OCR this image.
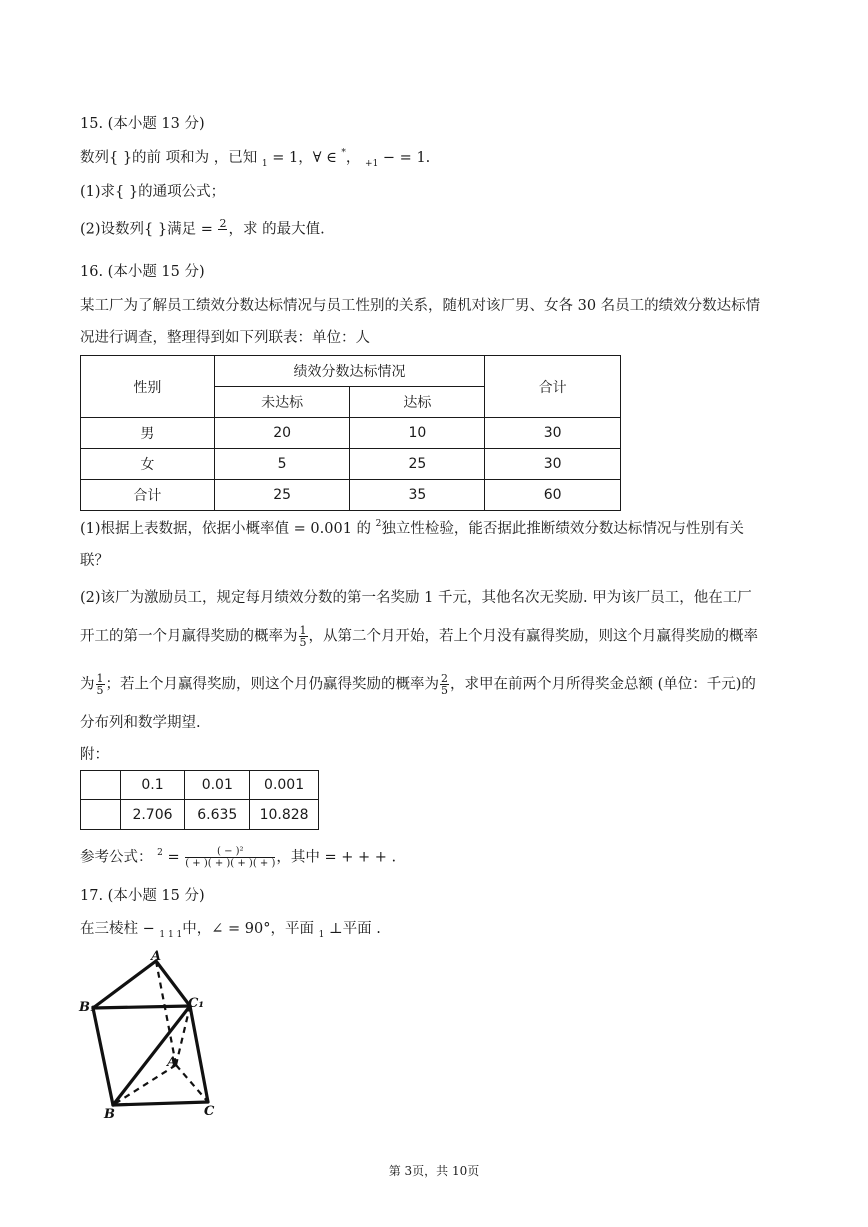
15. (本小题 13 分)
数列{ }的前 项和为 ，已知 $_1$ = 1，∀ ∈ *， $_{+1}$ − = 1.
(1)求{ }的通项公式；
(2)设数列{ }满足 = 2
，求 的最大值.
16. (本小题 15 分)
某工厂为了解员工绩效分数达标情况与员工性别的关系，随机对该厂男、女各 30 名员工的绩效分数达标情
况进行调查，整理得到如下列联表：单位：人
性别	绩效分数达标情况		合计
	未达标	达标	
男	20	10	30
女	5	25	30
合计	25	35	60
(1)根据上表数据，依据小概率值 = 0.001 的 $^2$独立性检验，能否据此推断绩效分数达标情况与性别有关
联？
(2)该厂为激励员工，规定每月绩效分数的第一名奖励 1 千元，其他名次无奖励. 甲为该厂员工，他在工厂
开工的第一个月赢得奖励的概率为 $\frac{1}{5}$ ，从第二个月开始，若上个月没有赢得奖励，则这个月赢得奖励的概率
为 $\frac{1}{5}$ ；若上个月赢得奖励，则这个月仍赢得奖励的概率为 $\frac{2}{5}$ ，求甲在前两个月所得奖金总额 (单位：千元)的
分布列和数学期望.
附：
	0.1	0.01	0.001
	2.706	6.635	10.828
参考公式： $^2 = \frac{\text{( − )²}}{( + )( + )( + )( + )}$ ，其中 = + + + .
17. (本小题 15 分)
在三棱柱 − $_{1 1 1}$中，∠ = 90°，平面 $_1$ ⊥平面 .
A
B₁	C₁
A
B	C
第 3页，共 10页
